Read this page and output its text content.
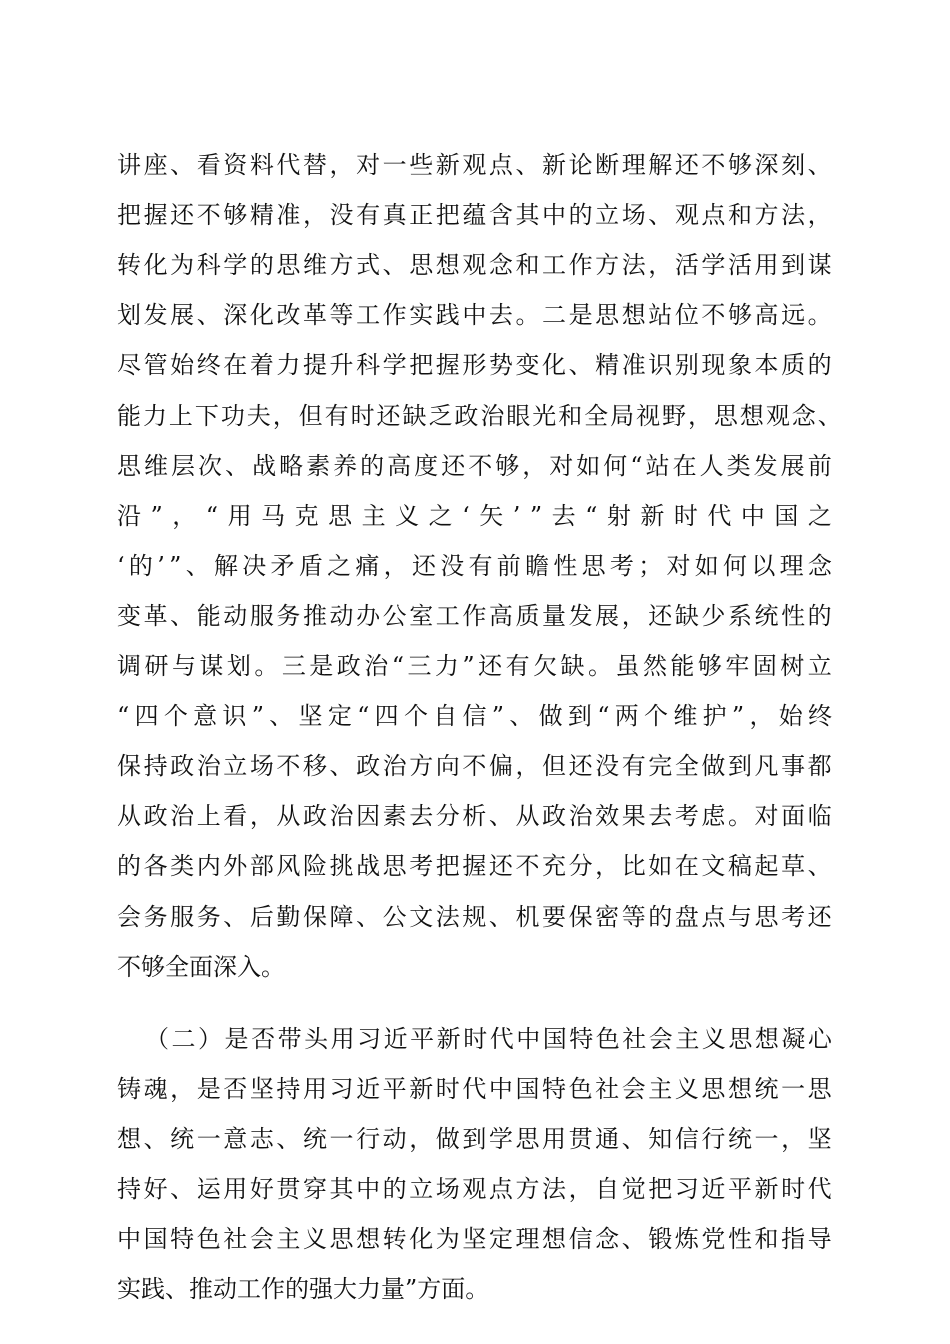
讲 座 、 看 资 料 代 替 ， 对 一 些 新 观 点 、 新 论 断 理 解 还 不 够 深 刻 、
把 握 还 不 够 精 准 ， 没 有 真 正 把 蕴 含 其 中 的 立 场 、 观 点 和 方 法 ，
转 化 为 科 学 的 思 维 方 式 、 思 想 观 念 和 工 作 方 法 ， 活 学 活 用 到 谋
划 发 展 、 深 化 改 革 等 工 作 实 践 中 去 。 二 是 思 想 站 位 不 够 高 远 。
尽 管 始 终 在 着 力 提 升 科 学 把 握 形 势 变 化 、 精 准 识 别 现 象 本 质 的
能 力 上 下 功 夫 ， 但 有 时 还 缺 乏 政 治 眼 光 和 全 局 视 野 ， 思 想 观 念 、
思 维 层 次 、 战 略 素 养 的 高 度 还 不 够 ， 对 如 何 “ 站 在 人 类 发 展 前
沿 ” ， “ 用 马 克 思 主 义 之 ‘ 矢 ’ ” 去 “ 射 新 时 代 中 国 之
‘ 的 ’ ” 、 解 决 矛 盾 之 痛 ， 还 没 有 前 瞻 性 思 考 ； 对 如 何 以 理 念
变 革 、 能 动 服 务 推 动 办 公 室 工 作 高 质 量 发 展 ， 还 缺 少 系 统 性 的
调 研 与 谋 划 。 三 是 政 治 “ 三 力 ” 还 有 欠 缺 。 虽 然 能 够 牢 固 树 立
“ 四 个 意 识 ” 、 坚 定 “ 四 个 自 信 ” 、 做 到 “ 两 个 维 护 ” ， 始 终
保 持 政 治 立 场 不 移 、 政 治 方 向 不 偏 ， 但 还 没 有 完 全 做 到 凡 事 都
从 政 治 上 看 ， 从 政 治 因 素 去 分 析 、 从 政 治 效 果 去 考 虑 。 对 面 临
的 各 类 内 外 部 风 险 挑 战 思 考 把 握 还 不 充 分 ， 比 如 在 文 稿 起 草 、
会 务 服 务 、 后 勤 保 障 、 公 文 法 规 、 机 要 保 密 等 的 盘 点 与 思 考 还
不够全面深入。
（ 二 ） 是 否 带 头 用 习 近 平 新 时 代 中 国 特 色 社 会 主 义 思 想 凝 心
铸 魂 ， 是 否 坚 持 用 习 近 平 新 时 代 中 国 特 色 社 会 主 义 思 想 统 一 思
想 、 统 一 意 志 、 统 一 行 动 ， 做 到 学 思 用 贯 通 、 知 信 行 统 一 ， 坚
持 好 、 运 用 好 贯 穿 其 中 的 立 场 观 点 方 法 ， 自 觉 把 习 近 平 新 时 代
中 国 特 色 社 会 主 义 思 想 转 化 为 坚 定 理 想 信 念 、 锻 炼 党 性 和 指 导
实践、推动工作的强大力量”方面。
